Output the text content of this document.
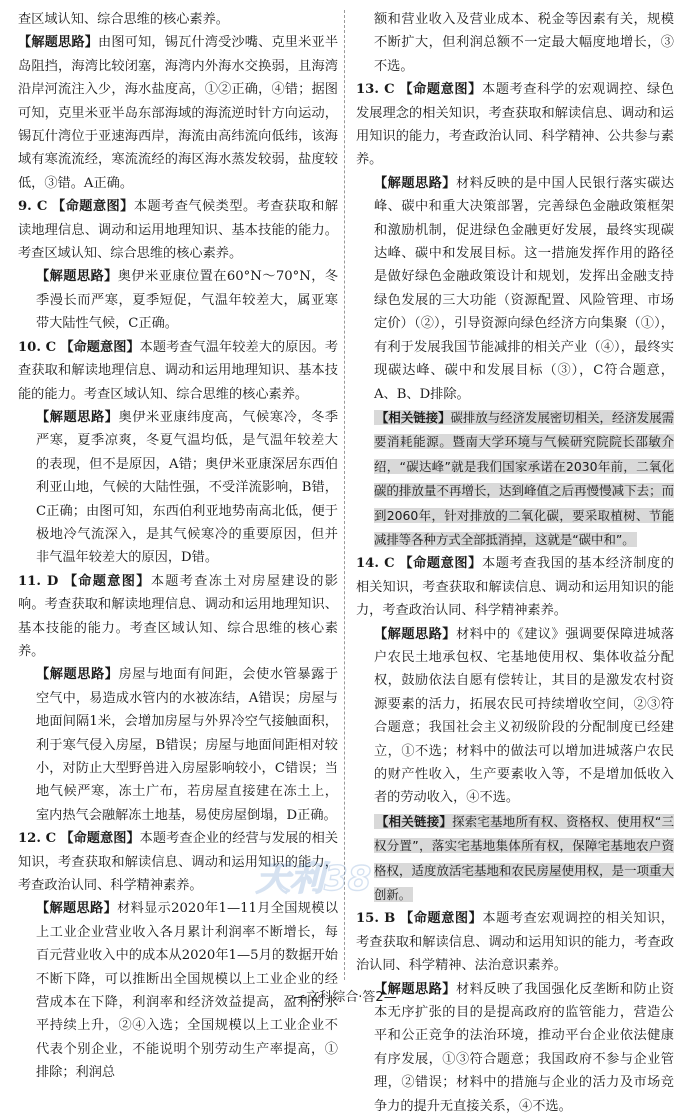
查区域认知、综合思维的核心素养。

【解题思路】由图可知，锡瓦什湾受沙嘴、克里米亚半岛阻挡，海湾比较闭塞，海湾内外海水交换弱，且海湾沿岸河流注入少，海水盐度高，①②正确，④错；据图可知，克里米亚半岛东部海域的海流逆时针方向运动，锡瓦什湾位于亚速海西岸，海流由高纬流向低纬，该海域有寒流流经，寒流流经的海区海水蒸发较弱，盐度较低，③错。A正确。

9. C 【命题意图】本题考查气候类型。考查获取和解读地理信息、调动和运用地理知识、基本技能的能力。考查区域认知、综合思维的核心素养。

【解题思路】奥伊米亚康位置在60°N～70°N，冬季漫长而严寒，夏季短促，气温年较差大，属亚寒带大陆性气候，C正确。

10. C 【命题意图】本题考查气温年较差大的原因。考查获取和解读地理信息、调动和运用地理知识、基本技能的能力。考查区域认知、综合思维的核心素养。

【解题思路】奥伊米亚康纬度高，气候寒冷，冬季严寒，夏季凉爽，冬夏气温均低，是气温年较差大的表现，但不是原因，A错；奥伊米亚康深居东西伯利亚山地，气候的大陆性强，不受洋流影响，B错，C正确；由图可知，东西伯利亚地势南高北低，便于极地冷气流深入，是其气候寒冷的重要原因，但并非气温年较差大的原因，D错。

11. D 【命题意图】本题考查冻土对房屋建设的影响。考查获取和解读地理信息、调动和运用地理知识、基本技能的能力。考查区域认知、综合思维的核心素养。

【解题思路】房屋与地面有间距，会使水管暴露于空气中，易造成水管内的水被冻结，A错误；房屋与地面间隔1米，会增加房屋与外界冷空气接触面积，利于寒气侵入房屋，B错误；房屋与地面间距相对较小，对防止大型野兽进入房屋影响较小，C错误；当地气候严寒，冻土广布，若房屋直接建在冻土上，室内热气会融解冻土地基，易使房屋倒塌，D正确。

12. C 【命题意图】本题考查企业的经营与发展的相关知识，考查获取和解读信息、调动和运用知识的能力，考查政治认同、科学精神素养。

【解题思路】材料显示2020年1—11月全国规模以上工业企业营业收入各月累计利润率不断增长，每百元营业收入中的成本从2020年1—5月的数据开始不断下降，可以推断出全国规模以上工业企业的经营成本在下降，利润率和经济效益提高，盈利的水平持续上升，②④入选；全国规模以上工业企业不代表个别企业，不能说明个别劳动生产率提高，①排除；利润总

额和营业收入及营业成本、税金等因素有关，规模不断扩大，但利润总额不一定最大幅度地增长，③不选。

13. C 【命题意图】本题考查科学的宏观调控、绿色发展理念的相关知识，考查获取和解读信息、调动和运用知识的能力，考查政治认同、科学精神、公共参与素养。

【解题思路】材料反映的是中国人民银行落实碳达峰、碳中和重大决策部署，完善绿色金融政策框架和激励机制，促进绿色金融更好发展，最终实现碳达峰、碳中和发展目标。这一措施发挥作用的路径是做好绿色金融政策设计和规划，发挥出金融支持绿色发展的三大功能（资源配置、风险管理、市场定价）（②），引导资源向绿色经济方向集聚（①），有利于发展我国节能减排的相关产业（④），最终实现碳达峰、碳中和发展目标（③），C符合题意，A、B、D排除。

【相关链接】碳排放与经济发展密切相关，经济发展需要消耗能源。暨南大学环境与气候研究院院长邵敏介绍，“碳达峰”就是我们国家承诺在2030年前，二氧化碳的排放量不再增长，达到峰值之后再慢慢减下去；而到2060年，针对排放的二氧化碳，要采取植树、节能减排等各种方式全部抵消掉，这就是“碳中和”。

14. C 【命题意图】本题考查我国的基本经济制度的相关知识，考查获取和解读信息、调动和运用知识的能力，考查政治认同、科学精神素养。

【解题思路】材料中的《建议》强调要保障进城落户农民土地承包权、宅基地使用权、集体收益分配权，鼓励依法自愿有偿转让，其目的是激发农村资源要素的活力，拓展农民可持续增收空间，②③符合题意；我国社会主义初级阶段的分配制度已经建立，①不选；材料中的做法可以增加进城落户农民的财产性收入，生产要素收入等，不是增加低收入者的劳动收入，④不选。

【相关链接】探索宅基地所有权、资格权、使用权“三权分置”，落实宅基地集体所有权，保障宅基地农户资格权，适度放活宅基地和农民房屋使用权，是一项重大创新。

15. B 【命题意图】本题考查宏观调控的相关知识，考查获取和解读信息、调动和运用知识的能力，考查政治认同、科学精神、法治意识素养。

【解题思路】材料反映了我国强化反垄断和防止资本无序扩张的目的是提高政府的监管能力，营造公平和公正竞争的法治环境，推动平台企业依法健康有序发展，①③符合题意；我国政府不参与企业管理，②错误；材料中的措施与企业的活力及市场竞争力的提升无直接关系，④不选。

天利38
—文科综合·答2—
